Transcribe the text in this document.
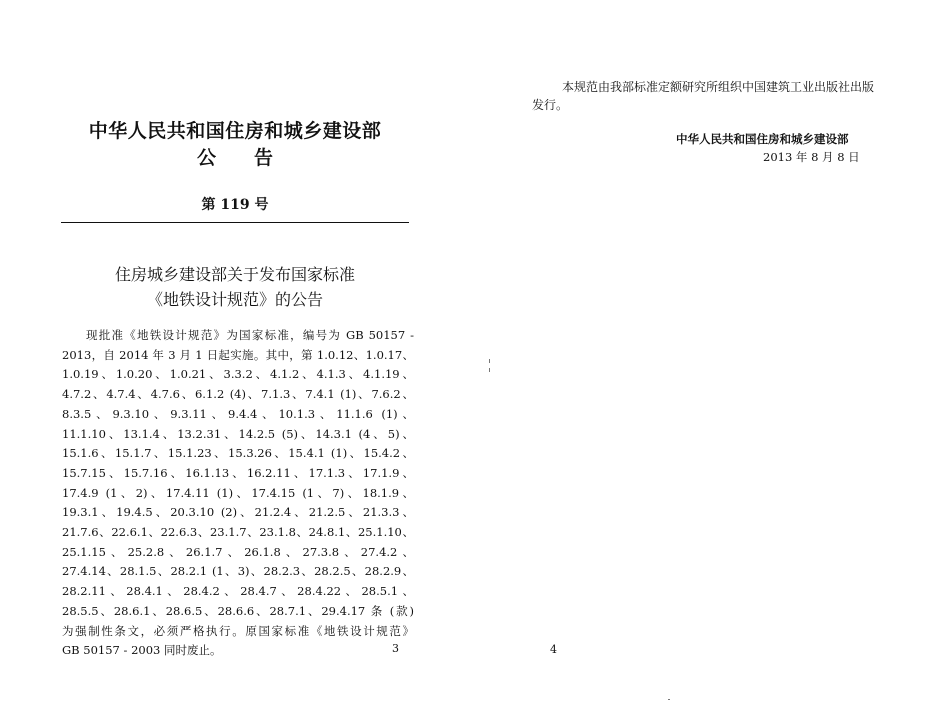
中华人民共和国住房和城乡建设部
公告
第 119 号
住房城乡建设部关于发布国家标准
《地铁设计规范》的公告
现批准《地铁设计规范》为国家标准，编号为 GB 50157 -
2013，自 2014 年 3 月 1 日起实施。其中，第 1.0.12、1.0.17、
1.0.19、1.0.20、1.0.21、3.3.2、4.1.2、4.1.3、4.1.19、
4.7.2、4.7.4、4.7.6、6.1.2 (4)、7.1.3、7.4.1 (1)、7.6.2、
8.3.5、9.3.10、9.3.11、9.4.4、10.1.3、11.1.6 (1)、
11.1.10、13.1.4、13.2.31、14.2.5 (5)、14.3.1 (4、5)、
15.1.6、15.1.7、15.1.23、15.3.26、15.4.1 (1)、15.4.2、
15.7.15、15.7.16、16.1.13、16.2.11、17.1.3、17.1.9、
17.4.9 (1、2)、17.4.11 (1)、17.4.15 (1、7)、18.1.9、
19.3.1、19.4.5、20.3.10 (2)、21.2.4、21.2.5、21.3.3、
21.7.6、22.6.1、22.6.3、23.1.7、23.1.8、24.8.1、25.1.10、
25.1.15、25.2.8、26.1.7、26.1.8、27.3.8、27.4.2、
27.4.14、28.1.5、28.2.1 (1、3)、28.2.3、28.2.5、28.2.9、
28.2.11、28.4.1、28.4.2、28.4.7、28.4.22、28.5.1、
28.5.5、28.6.1、28.6.5、28.6.6、28.7.1、29.4.17 条 (款)
为强制性条文，必须严格执行。原国家标准《地铁设计规范》
GB 50157 - 2003 同时废止。	3
本规范由我部标准定额研究所组织中国建筑工业出版社出版
发行。
中华人民共和国住房和城乡建设部
2013 年 8 月 8 日
4
